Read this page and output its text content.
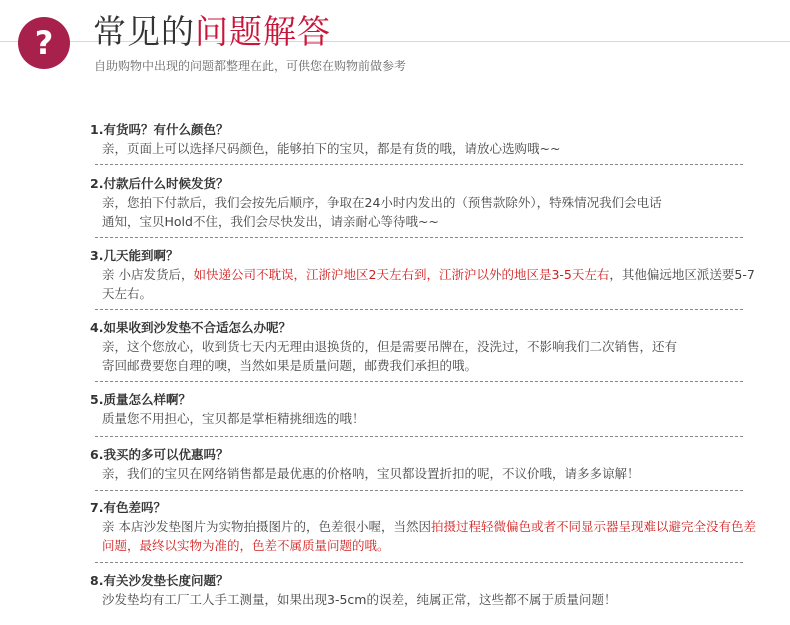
?	常见的问题解答
自助购物中出现的问题都整理在此，可供您在购物前做参考
1.有货吗？有什么颜色？
亲，页面上可以选择尺码颜色，能够拍下的宝贝，都是有货的哦，请放心选购哦~~
2.付款后什么时候发货？
亲，您拍下付款后，我们会按先后顺序，争取在24小时内发出的（预售款除外），特殊情况我们会电话
通知，宝贝Hold不住，我们会尽快发出，请亲耐心等待哦~~
3.几天能到啊？
亲 小店发货后，如快递公司不耽误，江浙沪地区2天左右到，江浙沪以外的地区是3-5天左右，其他偏远地区派送要5-7天左右。
4.如果收到沙发垫不合适怎么办呢？
亲，这个您放心，收到货七天内无理由退换货的，但是需要吊牌在，没洗过，不影响我们二次销售，还有
寄回邮费要您自理的噢，当然如果是质量问题，邮费我们承担的哦。
5.质量怎么样啊？
质量您不用担心，宝贝都是掌柜精挑细选的哦！
6.我买的多可以优惠吗？
亲，我们的宝贝在网络销售都是最优惠的价格呐，宝贝都设置折扣的呢，不议价哦，请多多谅解！
7.有色差吗？
亲 本店沙发垫图片为实物拍摄图片的，色差很小喔，当然因拍摄过程轻微偏色或者不同显示器呈现难以避完全没有色差问题，最终以实物为准的，色差不属质量问题的哦。
8.有关沙发垫长度问题？
沙发垫均有工厂工人手工测量，如果出现3-5cm的误差，纯属正常，这些都不属于质量问题！
